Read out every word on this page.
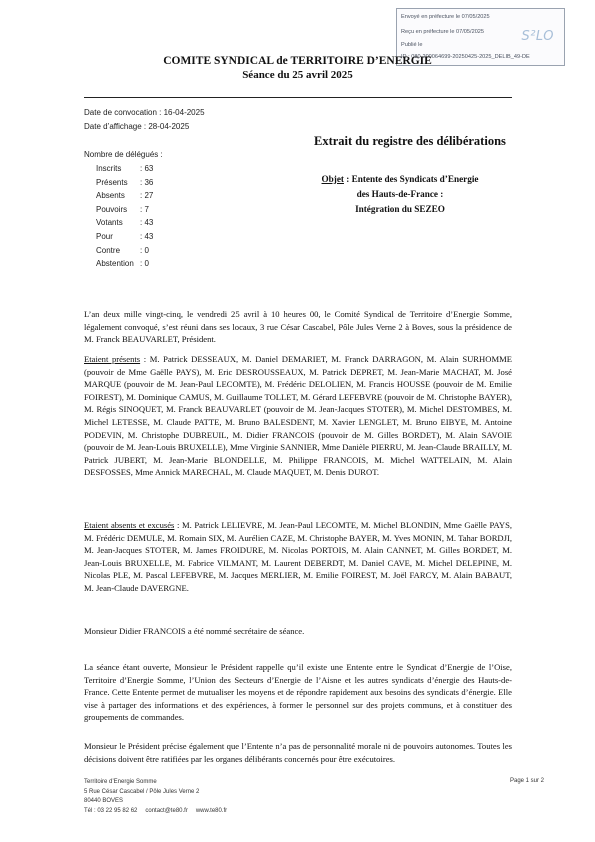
Envoyé en préfecture le 07/05/2025
Reçu en préfecture le 07/05/2025
Publié le
ID : 080-200064699-20250425-2025_DELIB_49-DE
S²LO
COMITE SYNDICAL de TERRITOIRE D’ENERGIE
Séance du 25 avril 2025
Date de convocation : 16-04-2025
Date d’affichage : 28-04-2025
Nombre de délégués :
Inscrits	: 63
Présents	: 36
Absents	: 27
Pouvoirs	: 7
Votants	: 43
Pour	: 43
Contre	: 0
Abstention : 0
Extrait du registre des délibérations
Objet : Entente des Syndicats d’Energie
des Hauts-de-France :
Intégration du SEZEO

L’an deux mille vingt-cinq, le vendredi 25 avril à 10 heures 00, le Comité Syndical de Territoire d’Energie Somme, légalement convoqué, s’est réuni dans ses locaux, 3 rue César Cascabel, Pôle Jules Verne 2 à Boves, sous la présidence de M. Franck BEAUVARLET, Président.

Etaient présents : M. Patrick DESSEAUX, M. Daniel DEMARIET, M. Franck DARRAGON, M. Alain SURHOMME (pouvoir de Mme Gaëlle PAYS), M. Eric DESROUSSEAUX, M. Patrick DEPRET, M. Jean-Marie MACHAT, M. José MARQUE (pouvoir de M. Jean-Paul LECOMTE), M. Frédéric DELOLIEN, M. Francis HOUSSE (pouvoir de M. Emilie FOIREST), M. Dominique CAMUS, M. Guillaume TOLLET, M. Gérard LEFEBVRE (pouvoir de M. Christophe BAYER), M. Régis SINOQUET, M. Franck BEAUVARLET (pouvoir de M. Jean-Jacques STOTER), M. Michel DESTOMBES, M. Michel LETESSE, M. Claude PATTE, M. Bruno BALESDENT, M. Xavier LENGLET, M. Bruno EIBYE, M. Antoine PODEVIN, M. Christophe DUBREUIL, M. Didier FRANCOIS (pouvoir de M. Gilles BORDET), M. Alain SAVOIE (pouvoir de M. Jean-Louis BRUXELLE), Mme Virginie SANNIER, Mme Danièle PIERRU, M. Jean-Claude BRAILLY, M. Patrick JUBERT, M. Jean-Marie BLONDELLE, M. Philippe FRANCOIS, M. Michel WATTELAIN, M. Alain DESFOSSES, Mme Annick MARECHAL, M. Claude MAQUET, M. Denis DUROT.

Etaient absents et excusés : M. Patrick LELIEVRE, M. Jean-Paul LECOMTE, M. Michel BLONDIN, Mme Gaëlle PAYS, M. Frédéric DEMULE, M. Romain SIX, M. Aurélien CAZE, M. Christophe BAYER, M. Yves MONIN, M. Tahar BORDJI, M. Jean-Jacques STOTER, M. James FROIDURE, M. Nicolas PORTOIS, M. Alain CANNET, M. Gilles BORDET, M. Jean-Louis BRUXELLE, M. Fabrice VILMANT, M. Laurent DEBERDT, M. Daniel CAVE, M. Michel DELEPINE, M. Nicolas PLE, M. Pascal LEFEBVRE, M. Jacques MERLIER, M. Emilie FOIREST, M. Joël FARCY, M. Alain BABAUT, M. Jean-Claude DAVERGNE.

Monsieur Didier FRANCOIS a été nommé secrétaire de séance.

La séance étant ouverte, Monsieur le Président rappelle qu’il existe une Entente entre le Syndicat d’Energie de l’Oise, Territoire d’Energie Somme, l’Union des Secteurs d’Energie de l’Aisne et les autres syndicats d’énergie des Hauts-de-France. Cette Entente permet de mutualiser les moyens et de répondre rapidement aux besoins des syndicats d’énergie. Elle vise à partager des informations et des expériences, à former le personnel sur des projets communs, et à constituer des groupements de commandes.

Monsieur le Président précise également que l’Entente n’a pas de personnalité morale ni de pouvoirs autonomes. Toutes les décisions doivent être ratifiées par les organes délibérants concernés pour être exécutoires.

Territoire d’Energie Somme
5 Rue César Cascabel / Pôle Jules Verne 2
80440 BOVES
Tél : 03 22 95 82 62 contact@te80.fr www.te80.fr
Page 1 sur 2
